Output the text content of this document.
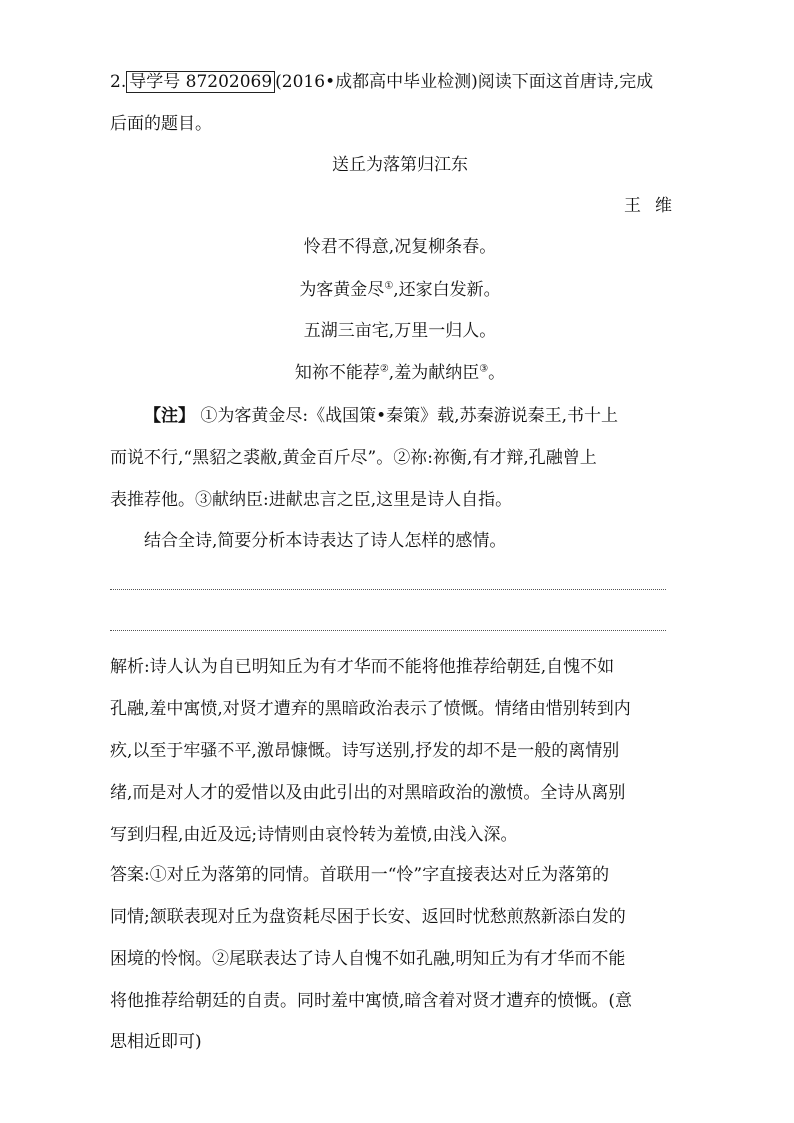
2. 导学号 87202069 (2016•成都高中毕业检测)阅读下面这首唐诗,完成
后面的题目。
送丘为落第归江东
王维
怜君不得意,况复柳条春。
为客黄金尽①,还家白发新。
五湖三亩宅,万里一归人。
知祢不能荐②,羞为献纳臣③。
【注】 ①为客黄金尽:《战国策•秦策》载,苏秦游说秦王,书十上
而说不行,“黑貂之裘敝,黄金百斤尽”。②祢:祢衡,有才辩,孔融曾上
表推荐他。③献纳臣:进献忠言之臣,这里是诗人自指。
结合全诗,简要分析本诗表达了诗人怎样的感情。
解析:诗人认为自已明知丘为有才华而不能将他推荐给朝廷,自愧不如
孔融,羞中寓愤,对贤才遭弃的黑暗政治表示了愤慨。情绪由惜别转到内
疚,以至于牢骚不平,激昂慷慨。诗写送别,抒发的却不是一般的离情别
绪,而是对人才的爱惜以及由此引出的对黑暗政治的激愤。全诗从离别
写到归程,由近及远;诗情则由哀怜转为羞愤,由浅入深。
答案:①对丘为落第的同情。首联用一“怜”字直接表达对丘为落第的
同情;颔联表现对丘为盘资耗尽困于长安、返回时忧愁煎熬新添白发的
困境的怜悯。②尾联表达了诗人自愧不如孔融,明知丘为有才华而不能
将他推荐给朝廷的自责。同时羞中寓愤,暗含着对贤才遭弃的愤慨。(意
思相近即可)
